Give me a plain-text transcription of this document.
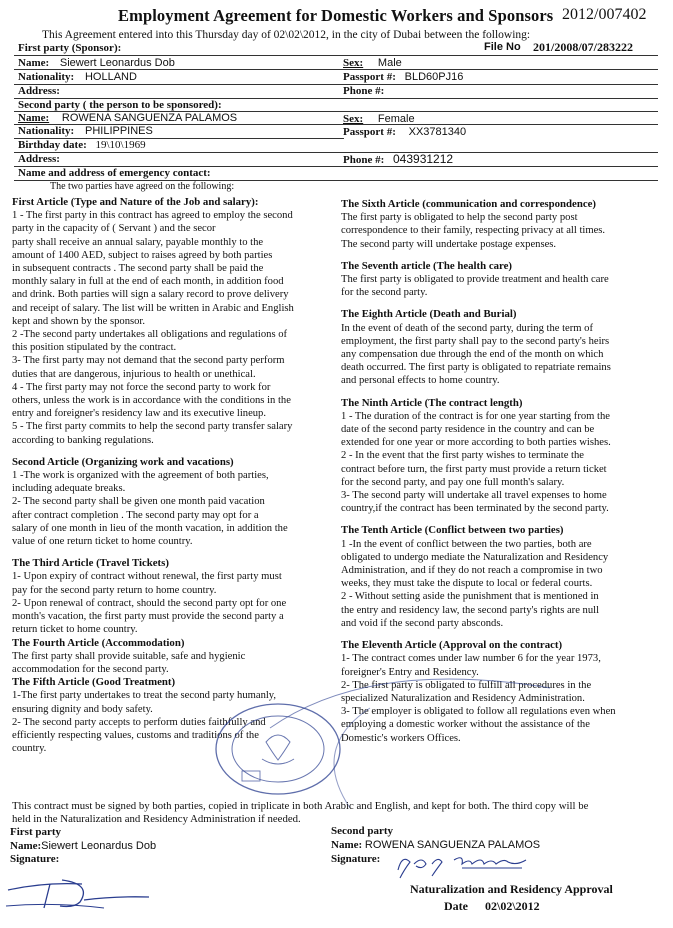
Employment Agreement for Domestic Workers and Sponsors 2012/007402
This Agreement entered into this Thursday day of 02\02\2012, in the city of Dubai between the following:
File No 201/2008/07/283222
First party (Sponsor):
Name: Siewert Leonardus Dob	Sex: Male
Nationality: HOLLAND	Passport #: BLD60PJ16
Address:	Phone #:
Second party ( the person to be sponsored):
Name: ROWENA SANGUENZA PALAMOS	Sex: Female
Nationality: PHILIPPINES	Passport #: XX3781340
Birthday date: 19\10\1969
Address:	Phone #: 043931212
Name and address of emergency contact:
The two parties have agreed on the following:

First Article (Type and Nature of the Job and salary):

1 - The first party in this contract has agreed to employ the second

party in the capacity of ( Servant ) and the secor

party shall receive an annual salary, payable monthly to the

amount of 1400 AED, subject to raises agreed by both parties

in subsequent contracts . The second party shall be paid the

monthly salary in full at the end of each month, in addition food

and drink. Both parties will sign a salary record to prove delivery

and receipt of salary. The list will be written in Arabic and English

kept and shown by the sponsor.

2 -The second party undertakes all obligations and regulations of

this position stipulated by the contract.

3- The first party may not demand that the second party perform

duties that are dangerous, injurious to health or unethical.

4 - The first party may not force the second party to work for

others, unless the work is in accordance with the conditions in the

entry and foreigner's residency law and its executive lineup.

5 - The first party commits to help the second party transfer salary

according to banking regulations.

Second Article (Organizing work and vacations)

1 -The work is organized with the agreement of both parties,

including adequate breaks.

2- The second party shall be given one month paid vacation

after contract completion . The second party may opt for a

salary of one month in lieu of the month vacation, in addition the

value of one return ticket to home country.

The Third Article (Travel Tickets)

1- Upon expiry of contract without renewal, the first party must

pay for the second party return to home country.

2- Upon renewal of contract, should the second party opt for one

month's vacation, the first party must provide the second party a

return ticket to home country.

The Fourth Article (Accommodation)

The first party shall provide suitable, safe and hygienic

accommodation for the second party.

The Fifth Article (Good Treatment)

1-The first party undertakes to treat the second party humanly,

ensuring dignity and body safety.

2- The second party accepts to perform duties faithfully and

efficiently respecting values, customs and traditions of the

country.

The Sixth Article (communication and correspondence)

The first party is obligated to help the second party post

correspondence to their family, respecting privacy at all times.

The second party will undertake postage expenses.

The Seventh article (The health care)

The first party is obligated to provide treatment and health care

for the second party.

The Eighth Article (Death and Burial)

In the event of death of the second party, during the term of

employment, the first party shall pay to the second party's heirs

any compensation due through the end of the month on which

death occurred. The first party is obligated to repatriate remains

and personal effects to home country.

The Ninth Article (The contract length)

1 - The duration of the contract is for one year starting from the

date of the second party residence in the country and can be

extended for one year or more according to both parties wishes.

2 - In the event that the first party wishes to terminate the

contract before turn, the first party must provide a return ticket

for the second party, and pay one full month's salary.

3- The second party will undertake all travel expenses to home

country,if the contract has been terminated by the second party.

The Tenth Article (Conflict between two parties)

1 -In the event of conflict between the two parties, both are

obligated to undergo mediate the Naturalization and Residency

Administration, and if they do not reach a compromise in two

weeks, they must take the dispute to local or federal courts.

2 - Without setting aside the punishment that is mentioned in

the entry and residency law, the second party's rights are null

and void if the second party absconds.

The Eleventh Article (Approval on the contract)

1- The contract comes under law number 6 for the year 1973,

foreigner's Entry and Residency.

2- The first party is obligated to fulfill all procedures in the

specialized Naturalization and Residency Administration.

3- The employer is obligated to follow all regulations even when

employing a domestic worker without the assistance of the

Domestic's workers Offices.

This contract must be signed by both parties, copied in triplicate in both Arabic and English, and kept for both. The third copy will be
held in the Naturalization and Residency Administration if needed.
First party
Name:Siewert Leonardus Dob
Signature:
Second party
Name: ROWENA SANGUENZA PALAMOS
Signature:
Naturalization and Residency Approval
Date 02\02\2012
